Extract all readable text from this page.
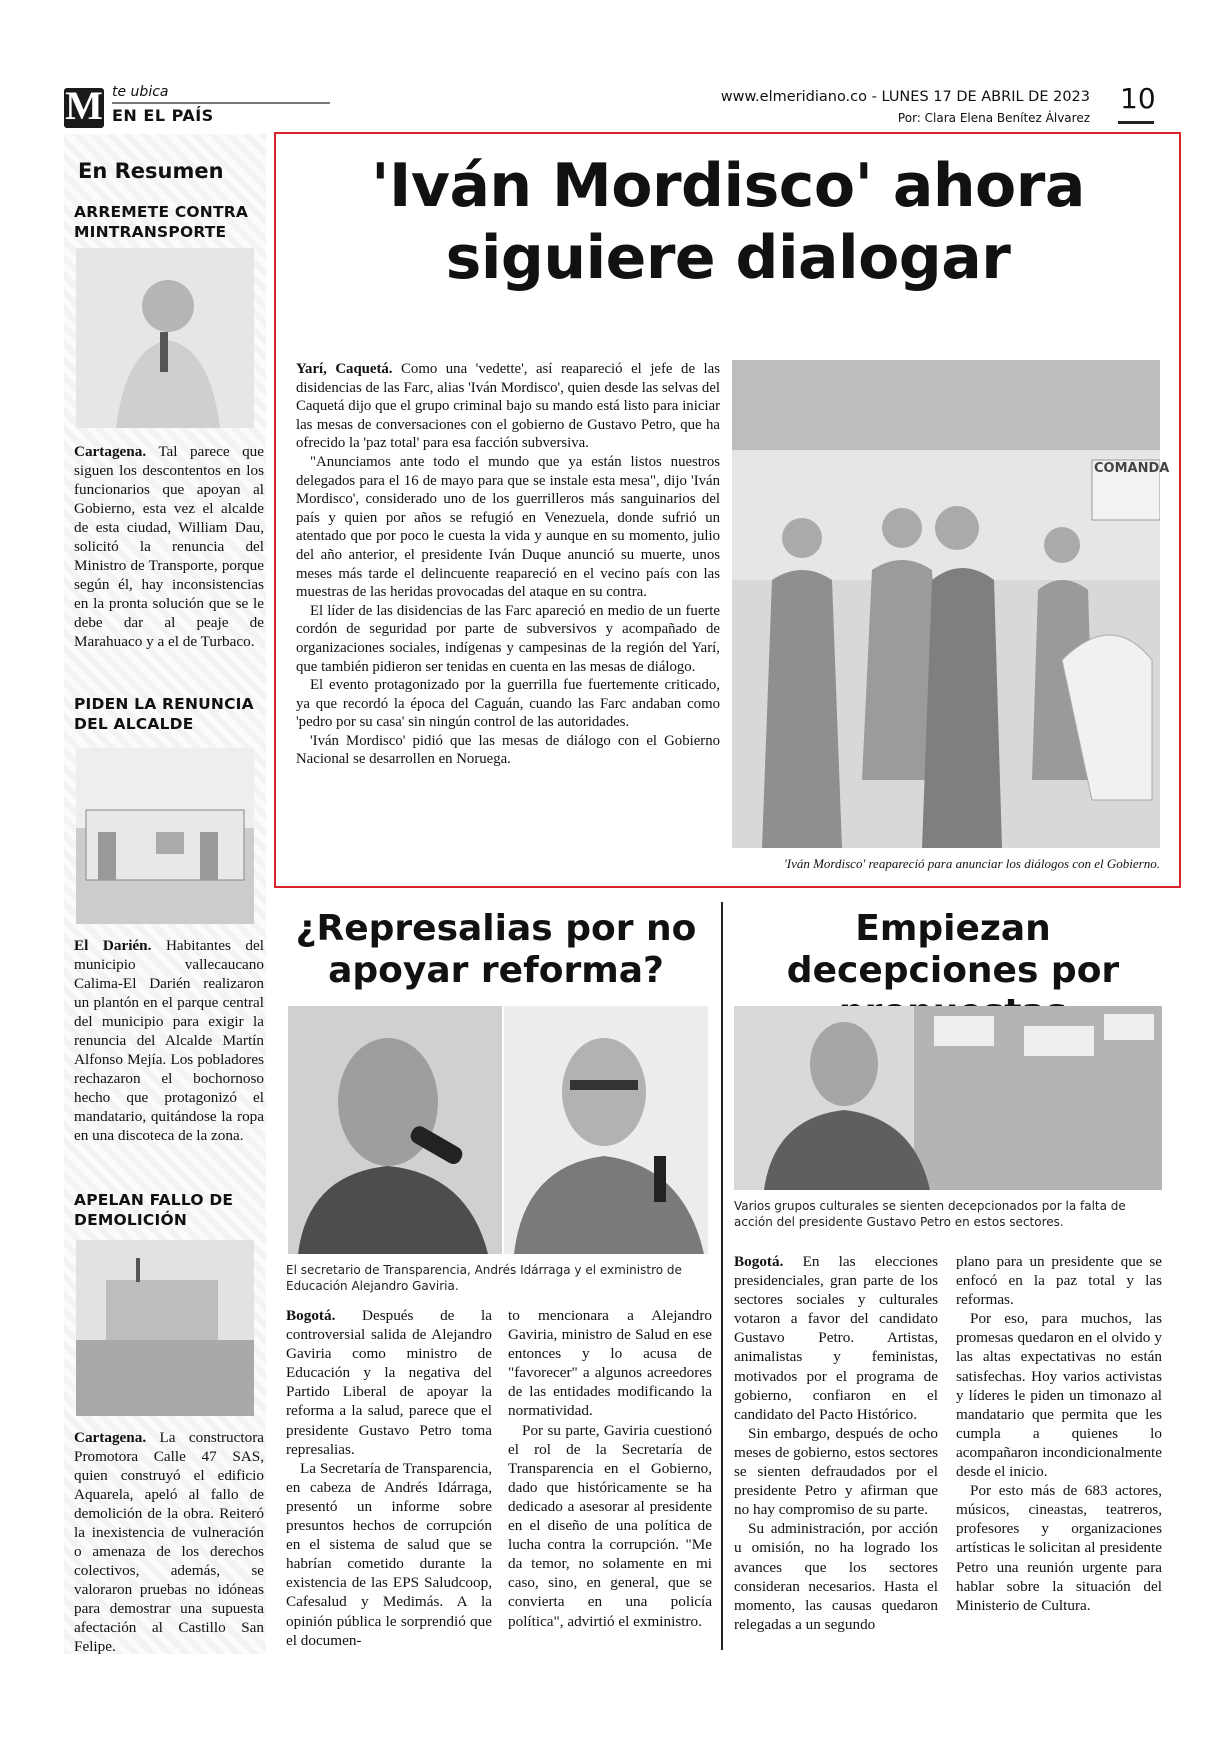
M te ubica
EN EL PAÍS
www.elmeridiano.co - LUNES 17 DE ABRIL DE 2023
Por: Clara Elena Benítez Álvarez
10
En Resumen
ARREMETE CONTRA MINTRANSPORTE
Cartagena. Tal parece que siguen los descontentos en los funcionarios que apoyan al Gobierno, esta vez el alcalde de esta ciudad, William Dau, solicitó la renuncia del Ministro de Transporte, porque según él, hay inconsistencias en la pronta solución que se le debe dar al peaje de Marahuaco y a el de Turbaco.
PIDEN LA RENUNCIA DEL ALCALDE
El Darién. Habitantes del municipio vallecaucano Calima-El Darién realizaron un plantón en el parque central del municipio para exigir la renuncia del Alcalde Martín Alfonso Mejía. Los pobladores rechazaron el bochornoso hecho que protagonizó el mandatario, quitándose la ropa en una discoteca de la zona.
APELAN FALLO DE DEMOLICIÓN
Cartagena. La constructora Promotora Calle 47 SAS, quien construyó el edificio Aquarela, apeló al fallo de demolición de la obra. Reiteró la inexistencia de vulneración o amenaza de los derechos colectivos, además, se valoraron pruebas no idóneas para demostrar una supuesta afectación al Castillo San Felipe.
'Iván Mordisco' ahora siguiere dialogar

Yarí, Caquetá. Como una 'vedette', así reapareció el jefe de las disidencias de las Farc, alias 'Iván Mordisco', quien desde las selvas del Caquetá dijo que el grupo criminal bajo su mando está listo para iniciar las mesas de conversaciones con el gobierno de Gustavo Petro, que ha ofrecido la 'paz total' para esa facción subversiva.

"Anunciamos ante todo el mundo que ya están listos nuestros delegados para el 16 de mayo para que se instale esta mesa", dijo 'Iván Mordisco', considerado uno de los guerrilleros más sanguinarios del país y quien por años se refugió en Venezuela, donde sufrió un atentado que por poco le cuesta la vida y aunque en su momento, julio del año anterior, el presidente Iván Duque anunció su muerte, unos meses más tarde el delincuente reapareció en el vecino país con las muestras de las heridas provocadas del ataque en su contra.

El líder de las disidencias de las Farc apareció en medio de un fuerte cordón de seguridad por parte de subversivos y acompañado de organizaciones sociales, indígenas y campesinas de la región del Yarí, que también pidieron ser tenidas en cuenta en las mesas de diálogo.

El evento protagonizado por la guerrilla fue fuertemente criticado, ya que recordó la época del Caguán, cuando las Farc andaban como 'pedro por su casa' sin ningún control de las autoridades.

'Iván Mordisco' pidió que las mesas de diálogo con el Gobierno Nacional se desarrollen en Noruega.

COMANDA
'Iván Mordisco' reapareció para anunciar los diálogos con el Gobierno.
¿Represalias por no apoyar reforma?
El secretario de Transparencia, Andrés Idárraga y el exministro de Educación Alejandro Gaviria.

Bogotá. Después de la controversial salida de Alejandro Gaviria como ministro de Educación y la negativa del Partido Liberal de apoyar la reforma a la salud, parece que el presidente Gustavo Petro toma represalias.

La Secretaría de Transparencia, en cabeza de Andrés Idárraga, presentó un informe sobre presuntos hechos de corrupción en el sistema de salud que se habrían cometido durante la existencia de las EPS Saludcoop, Cafesalud y Medimás. A la opinión pública le sorprendió que el documen-

to mencionara a Alejandro Gaviria, ministro de Salud en ese entonces y lo acusa de "favorecer" a algunos acreedores de las entidades modificando la normatividad.

Por su parte, Gaviria cuestionó el rol de la Secretaría de Transparencia en el Gobierno, dado que históricamente se ha dedicado a asesorar al presidente en el diseño de una política de lucha contra la corrupción. "Me da temor, no solamente en mi caso, sino, en general, que se convierta en una policía política", advirtió el exministro.

Empiezan decepciones por
Varios grupos culturales se sienten decepcionados por la falta de acción del presidente Gustavo Petro en estos sectores.

Bogotá. En las elecciones presidenciales, gran parte de los sectores sociales y culturales votaron a favor del candidato Gustavo Petro. Artistas, animalistas y feministas, motivados por el programa de gobierno, confiaron en el candidato del Pacto Histórico.

Sin embargo, después de ocho meses de gobierno, estos sectores se sienten defraudados por el presidente Petro y afirman que no hay compromiso de su parte.

Su administración, por acción u omisión, no ha logrado los avances que los sectores consideran necesarios. Hasta el momento, las causas quedaron relegadas a un segundo

plano para un presidente que se enfocó en la paz total y las reformas.

Por eso, para muchos, las promesas quedaron en el olvido y las altas expectativas no están satisfechas. Hoy varios activistas y líderes le piden un timonazo al mandatario que permita que les cumpla a quienes lo acompañaron incondicionalmente desde el inicio.

Por esto más de 683 actores, músicos, cineastas, teatreros, profesores y organizaciones artísticas le solicitan al presidente Petro una reunión urgente para hablar sobre la situación del Ministerio de Cultura.
